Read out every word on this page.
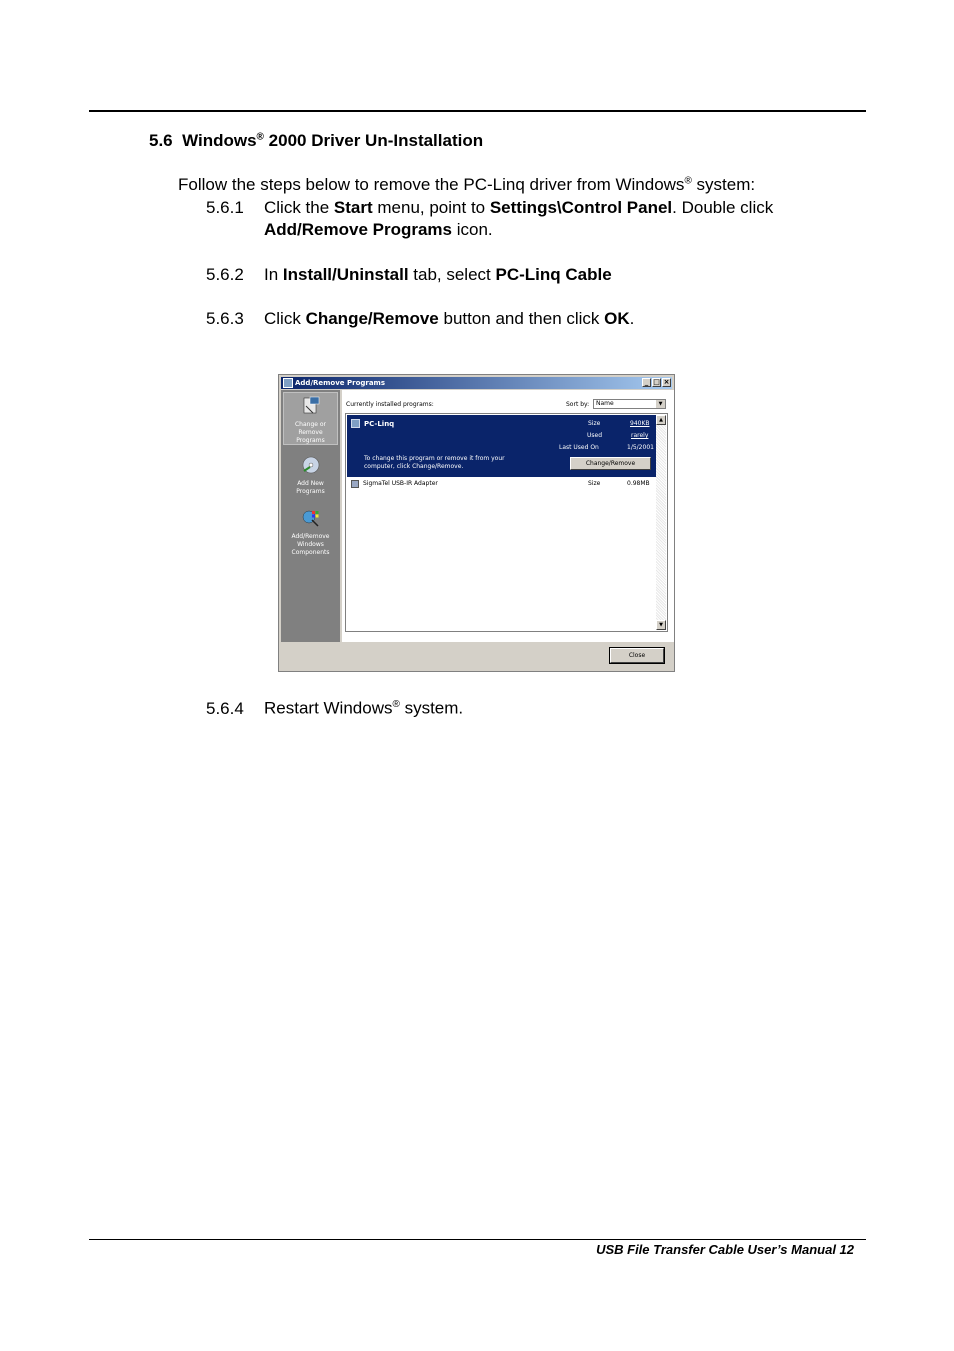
5.6 Windows® 2000 Driver Un-Installation
Follow the steps below to remove the PC-Linq driver from Windows® system:
5.6.1 Click the Start menu, point to Settings\Control Panel. Double click
Add/Remove Programs icon.
5.6.2 In Install/Uninstall tab, select PC-Linq Cable
5.6.3 Click Change/Remove button and then click OK.
Add/Remove Programs	_ □ ×
Change or Remove Programs
Add New Programs
Add/Remove Windows Components
Currently installed programs:	Sort by:	Name	▼
PC-Linq	Size	940KB
Used	rarely
Last Used On	1/5/2001
To change this program or remove it from your computer, click Change/Remove.	Change/Remove
SigmaTel USB-IR Adapter	Size	0.98MB
▲
▼
Close
5.6.4 Restart Windows® system.
USB File Transfer Cable User’s Manual 12
